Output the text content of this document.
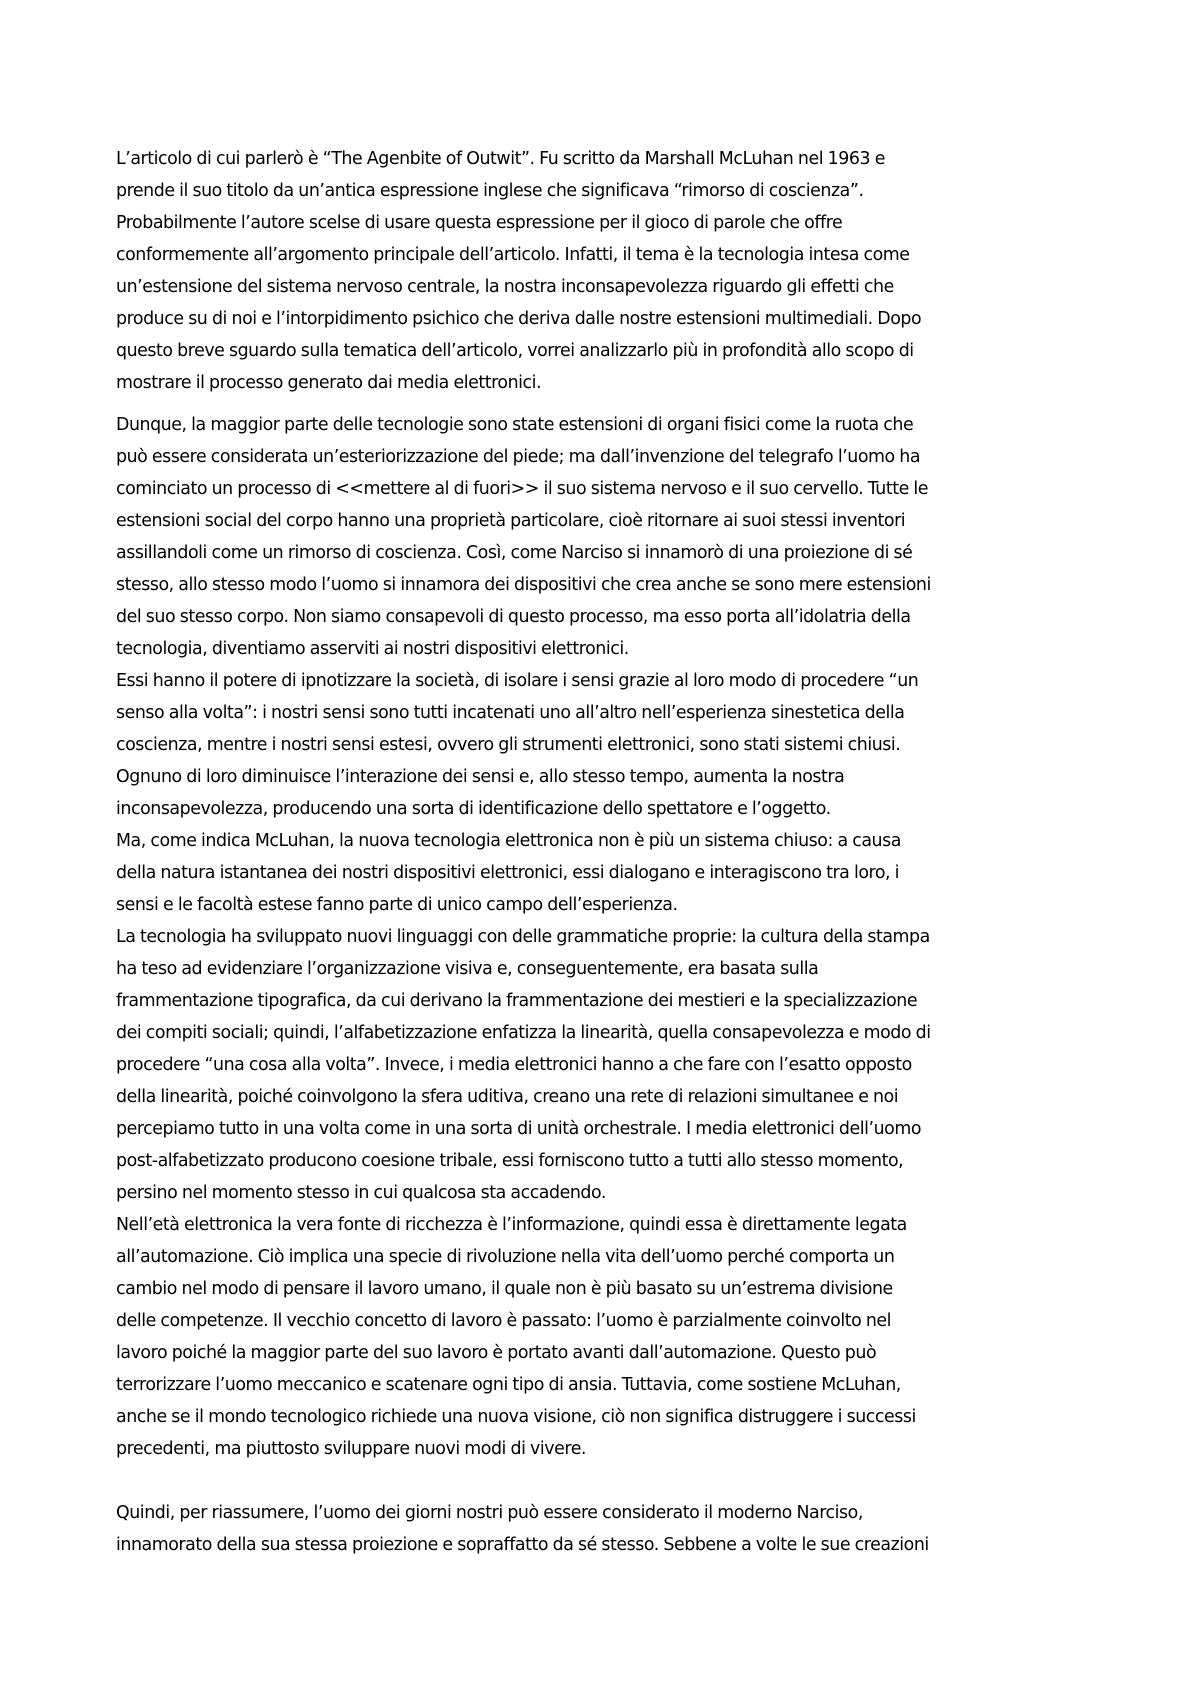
L’articolo di cui parlerò è “The Agenbite of Outwit”. Fu scritto da Marshall McLuhan nel 1963 e
prende il suo titolo da un’antica espressione inglese che significava “rimorso di coscienza”.
Probabilmente l’autore scelse di usare questa espressione per il gioco di parole che offre
conformemente all’argomento principale dell’articolo. Infatti, il tema è la tecnologia intesa come
un’estensione del sistema nervoso centrale, la nostra inconsapevolezza riguardo gli effetti che
produce su di noi e l’intorpidimento psichico che deriva dalle nostre estensioni multimediali. Dopo
questo breve sguardo sulla tematica dell’articolo, vorrei analizzarlo più in profondità allo scopo di
mostrare il processo generato dai media elettronici.
Dunque, la maggior parte delle tecnologie sono state estensioni di organi fisici come la ruota che
può essere considerata un’esteriorizzazione del piede; ma dall’invenzione del telegrafo l’uomo ha
cominciato un processo di <<mettere al di fuori>> il suo sistema nervoso e il suo cervello. Tutte le
estensioni social del corpo hanno una proprietà particolare, cioè ritornare ai suoi stessi inventori
assillandoli come un rimorso di coscienza. Così, come Narciso si innamorò di una proiezione di sé
stesso, allo stesso modo l’uomo si innamora dei dispositivi che crea anche se sono mere estensioni
del suo stesso corpo. Non siamo consapevoli di questo processo, ma esso porta all’idolatria della
tecnologia, diventiamo asserviti ai nostri dispositivi elettronici.
Essi hanno il potere di ipnotizzare la società, di isolare i sensi grazie al loro modo di procedere “un
senso alla volta”: i nostri sensi sono tutti incatenati uno all’altro nell’esperienza sinestetica della
coscienza, mentre i nostri sensi estesi, ovvero gli strumenti elettronici, sono stati sistemi chiusi.
Ognuno di loro diminuisce l’interazione dei sensi e, allo stesso tempo, aumenta la nostra
inconsapevolezza, producendo una sorta di identificazione dello spettatore e l’oggetto.
Ma, come indica McLuhan, la nuova tecnologia elettronica non è più un sistema chiuso: a causa
della natura istantanea dei nostri dispositivi elettronici, essi dialogano e interagiscono tra loro, i
sensi e le facoltà estese fanno parte di unico campo dell’esperienza.
La tecnologia ha sviluppato nuovi linguaggi con delle grammatiche proprie: la cultura della stampa
ha teso ad evidenziare l’organizzazione visiva e, conseguentemente, era basata sulla
frammentazione tipografica, da cui derivano la frammentazione dei mestieri e la specializzazione
dei compiti sociali; quindi, l’alfabetizzazione enfatizza la linearità, quella consapevolezza e modo di
procedere “una cosa alla volta”. Invece, i media elettronici hanno a che fare con l’esatto opposto
della linearità, poiché coinvolgono la sfera uditiva, creano una rete di relazioni simultanee e noi
percepiamo tutto in una volta come in una sorta di unità orchestrale. I media elettronici dell’uomo
post-alfabetizzato producono coesione tribale, essi forniscono tutto a tutti allo stesso momento,
persino nel momento stesso in cui qualcosa sta accadendo.
Nell’età elettronica la vera fonte di ricchezza è l’informazione, quindi essa è direttamente legata
all’automazione. Ciò implica una specie di rivoluzione nella vita dell’uomo perché comporta un
cambio nel modo di pensare il lavoro umano, il quale non è più basato su un’estrema divisione
delle competenze. Il vecchio concetto di lavoro è passato: l’uomo è parzialmente coinvolto nel
lavoro poiché la maggior parte del suo lavoro è portato avanti dall’automazione. Questo può
terrorizzare l’uomo meccanico e scatenare ogni tipo di ansia. Tuttavia, come sostiene McLuhan,
anche se il mondo tecnologico richiede una nuova visione, ciò non significa distruggere i successi
precedenti, ma piuttosto sviluppare nuovi modi di vivere.
Quindi, per riassumere, l’uomo dei giorni nostri può essere considerato il moderno Narciso,
innamorato della sua stessa proiezione e sopraffatto da sé stesso. Sebbene a volte le sue creazioni
